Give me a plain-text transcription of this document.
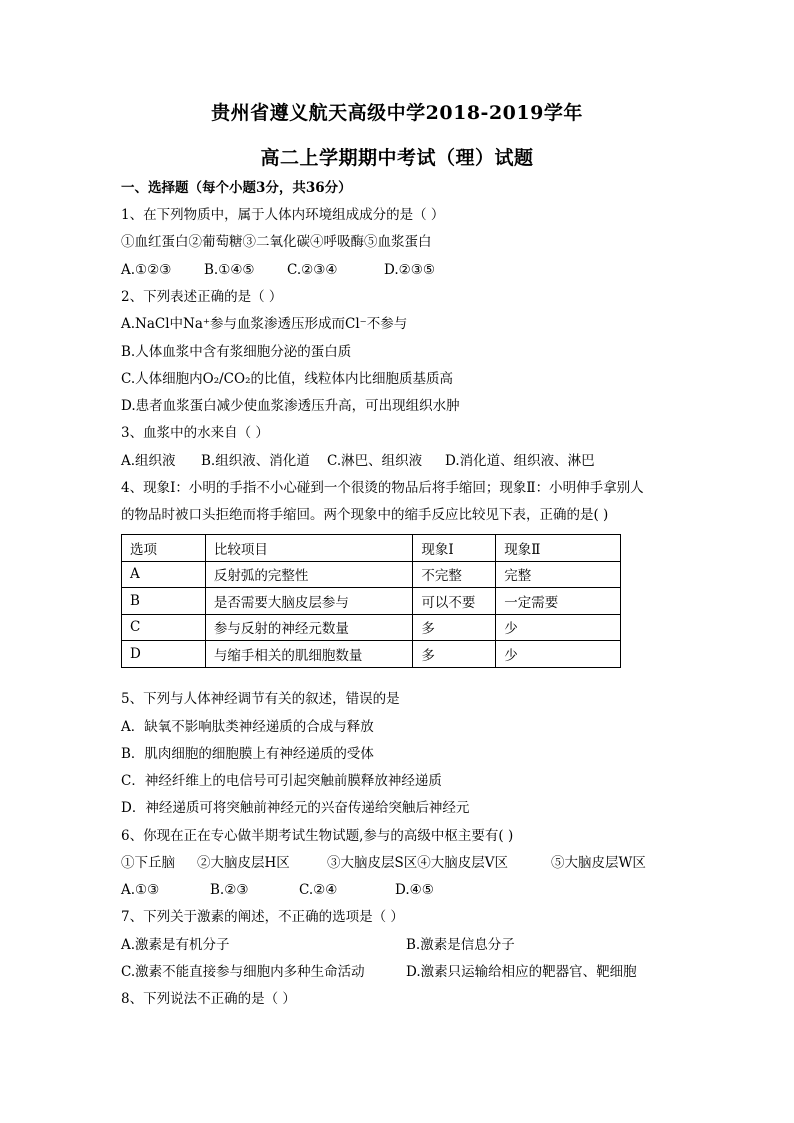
贵州省遵义航天高级中学2018-2019学年
高二上学期期中考试（理）试题
一、选择题（每个小题3分，共36分）
1、在下列物质中，属于人体内环境组成成分的是（ ）
①血红蛋白②葡萄糖③二氧化碳④呼吸酶⑤血浆蛋白
A.①②③ B.①④⑤ C.②③④	D.②③⑤
2、下列表述正确的是（ ）
A.NaCl中Na⁺参与血浆渗透压形成而Cl⁻不参与
B.人体血浆中含有浆细胞分泌的蛋白质
C.人体细胞内O₂/CO₂的比值，线粒体内比细胞质基质高
D.患者血浆蛋白减少使血浆渗透压升高，可出现组织水肿
3、血浆中的水来自（ ）
A.组织液 B.组织液、消化道 C.淋巴、组织液 D.消化道、组织液、淋巴
4、现象Ⅰ：小明的手指不小心碰到一个很烫的物品后将手缩回；现象Ⅱ：小明伸手拿别人
的物品时被口头拒绝而将手缩回。两个现象中的缩手反应比较见下表，正确的是( )
选项	比较项目	现象Ⅰ	现象Ⅱ
A	反射弧的完整性	不完整	完整
B	是否需要大脑皮层参与	可以不要	一定需要
C	参与反射的神经元数量	多	少
D	与缩手相关的肌细胞数量	多	少
5、下列与人体神经调节有关的叙述，错误的是
A．缺氧不影响肽类神经递质的合成与释放
B．肌肉细胞的细胞膜上有神经递质的受体
C．神经纤维上的电信号可引起突触前膜释放神经递质
D．神经递质可将突触前神经元的兴奋传递给突触后神经元
6、你现在正在专心做半期考试生物试题,参与的高级中枢主要有( )
①下丘脑 ②大脑皮层H区	③大脑皮层S区④大脑皮层V区	⑤大脑皮层W区
A.①③	B.②③	C.②④	D.④⑤
7、下列关于激素的阐述，不正确的选项是（ ）
A.激素是有机分子	B.激素是信息分子
C.激素不能直接参与细胞内多种生命活动	D.激素只运输给相应的靶器官、靶细胞
8、下列说法不正确的是（ ）
